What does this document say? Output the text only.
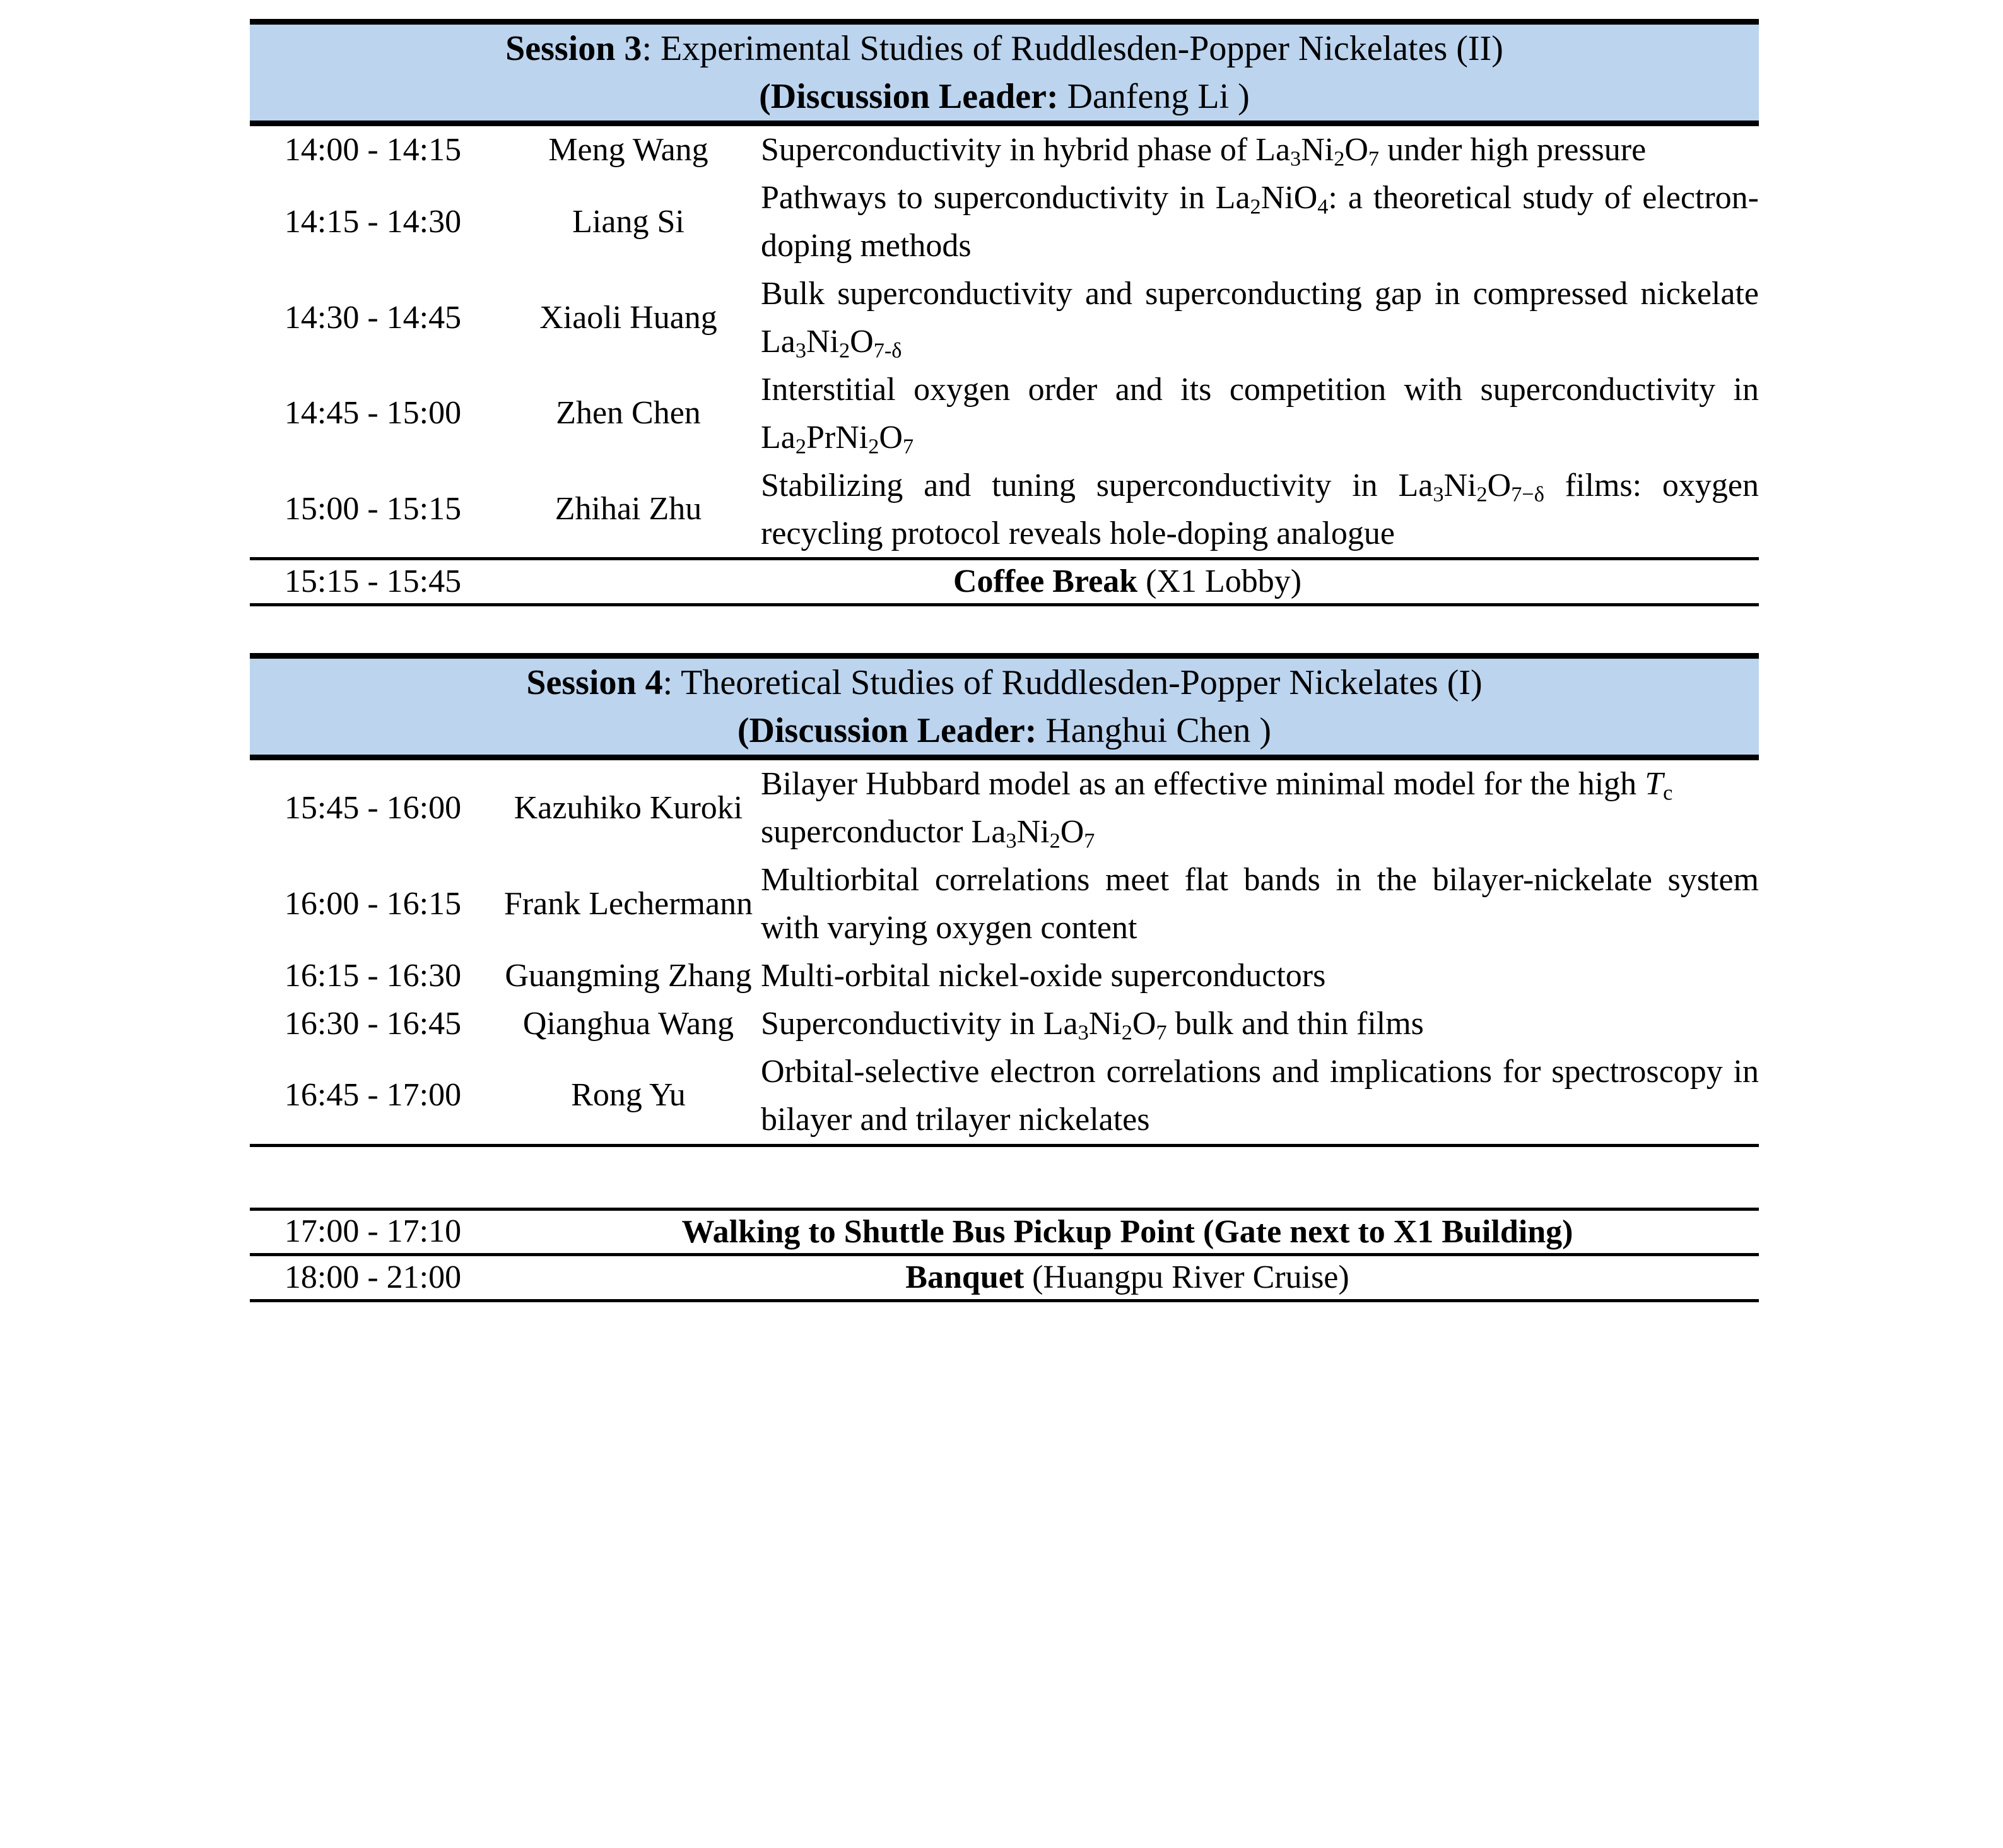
Session 3: Experimental Studies of Ruddlesden-Popper Nickelates (II)
(Discussion Leader: Danfeng Li )		

14:00 - 14:15	Meng Wang	Superconductivity in hybrid phase of $La_3Ni_2O_7$ under high pressure
14:15 - 14:30	Liang Si	Pathways to superconductivity in $La_2NiO_4$: a theoretical study of electron-doping methods
14:30 - 14:45	Xiaoli Huang	Bulk superconductivity and superconducting gap in compressed nickelate $La_3Ni_2O_{7-\delta}$
14:45 - 15:00	Zhen Chen	Interstitial oxygen order and its competition with superconductivity in $La_2PrNi_2O_7$
15:00 - 15:15	Zhihai Zhu	Stabilizing and tuning superconductivity in $La_3Ni_2O_{7-\delta}$ films: oxygen recycling protocol reveals hole-doping analogue

15:15 - 15:45	Coffee Break (X1 Lobby)	

Session 4: Theoretical Studies of Ruddlesden-Popper Nickelates (I)
(Discussion Leader: Hanghui Chen )		

15:45 - 16:00	Kazuhiko Kuroki	Bilayer Hubbard model as an effective minimal model for the high $T_c$ superconductor $La_3Ni_2O_7$
16:00 - 16:15	Frank Lechermann	Multiorbital correlations meet flat bands in the bilayer-nickelate system with varying oxygen content
16:15 - 16:30	Guangming Zhang	Multi-orbital nickel-oxide superconductors
16:30 - 16:45	Qianghua Wang	Superconductivity in $La_3Ni_2O_7$ bulk and thin films
16:45 - 17:00	Rong Yu	Orbital-selective electron correlations and implications for spectroscopy in bilayer and trilayer nickelates

17:00 - 17:10	Walking to Shuttle Bus Pickup Point (Gate next to X1 Building)	

18:00 - 21:00	Banquet (Huangpu River Cruise)	
